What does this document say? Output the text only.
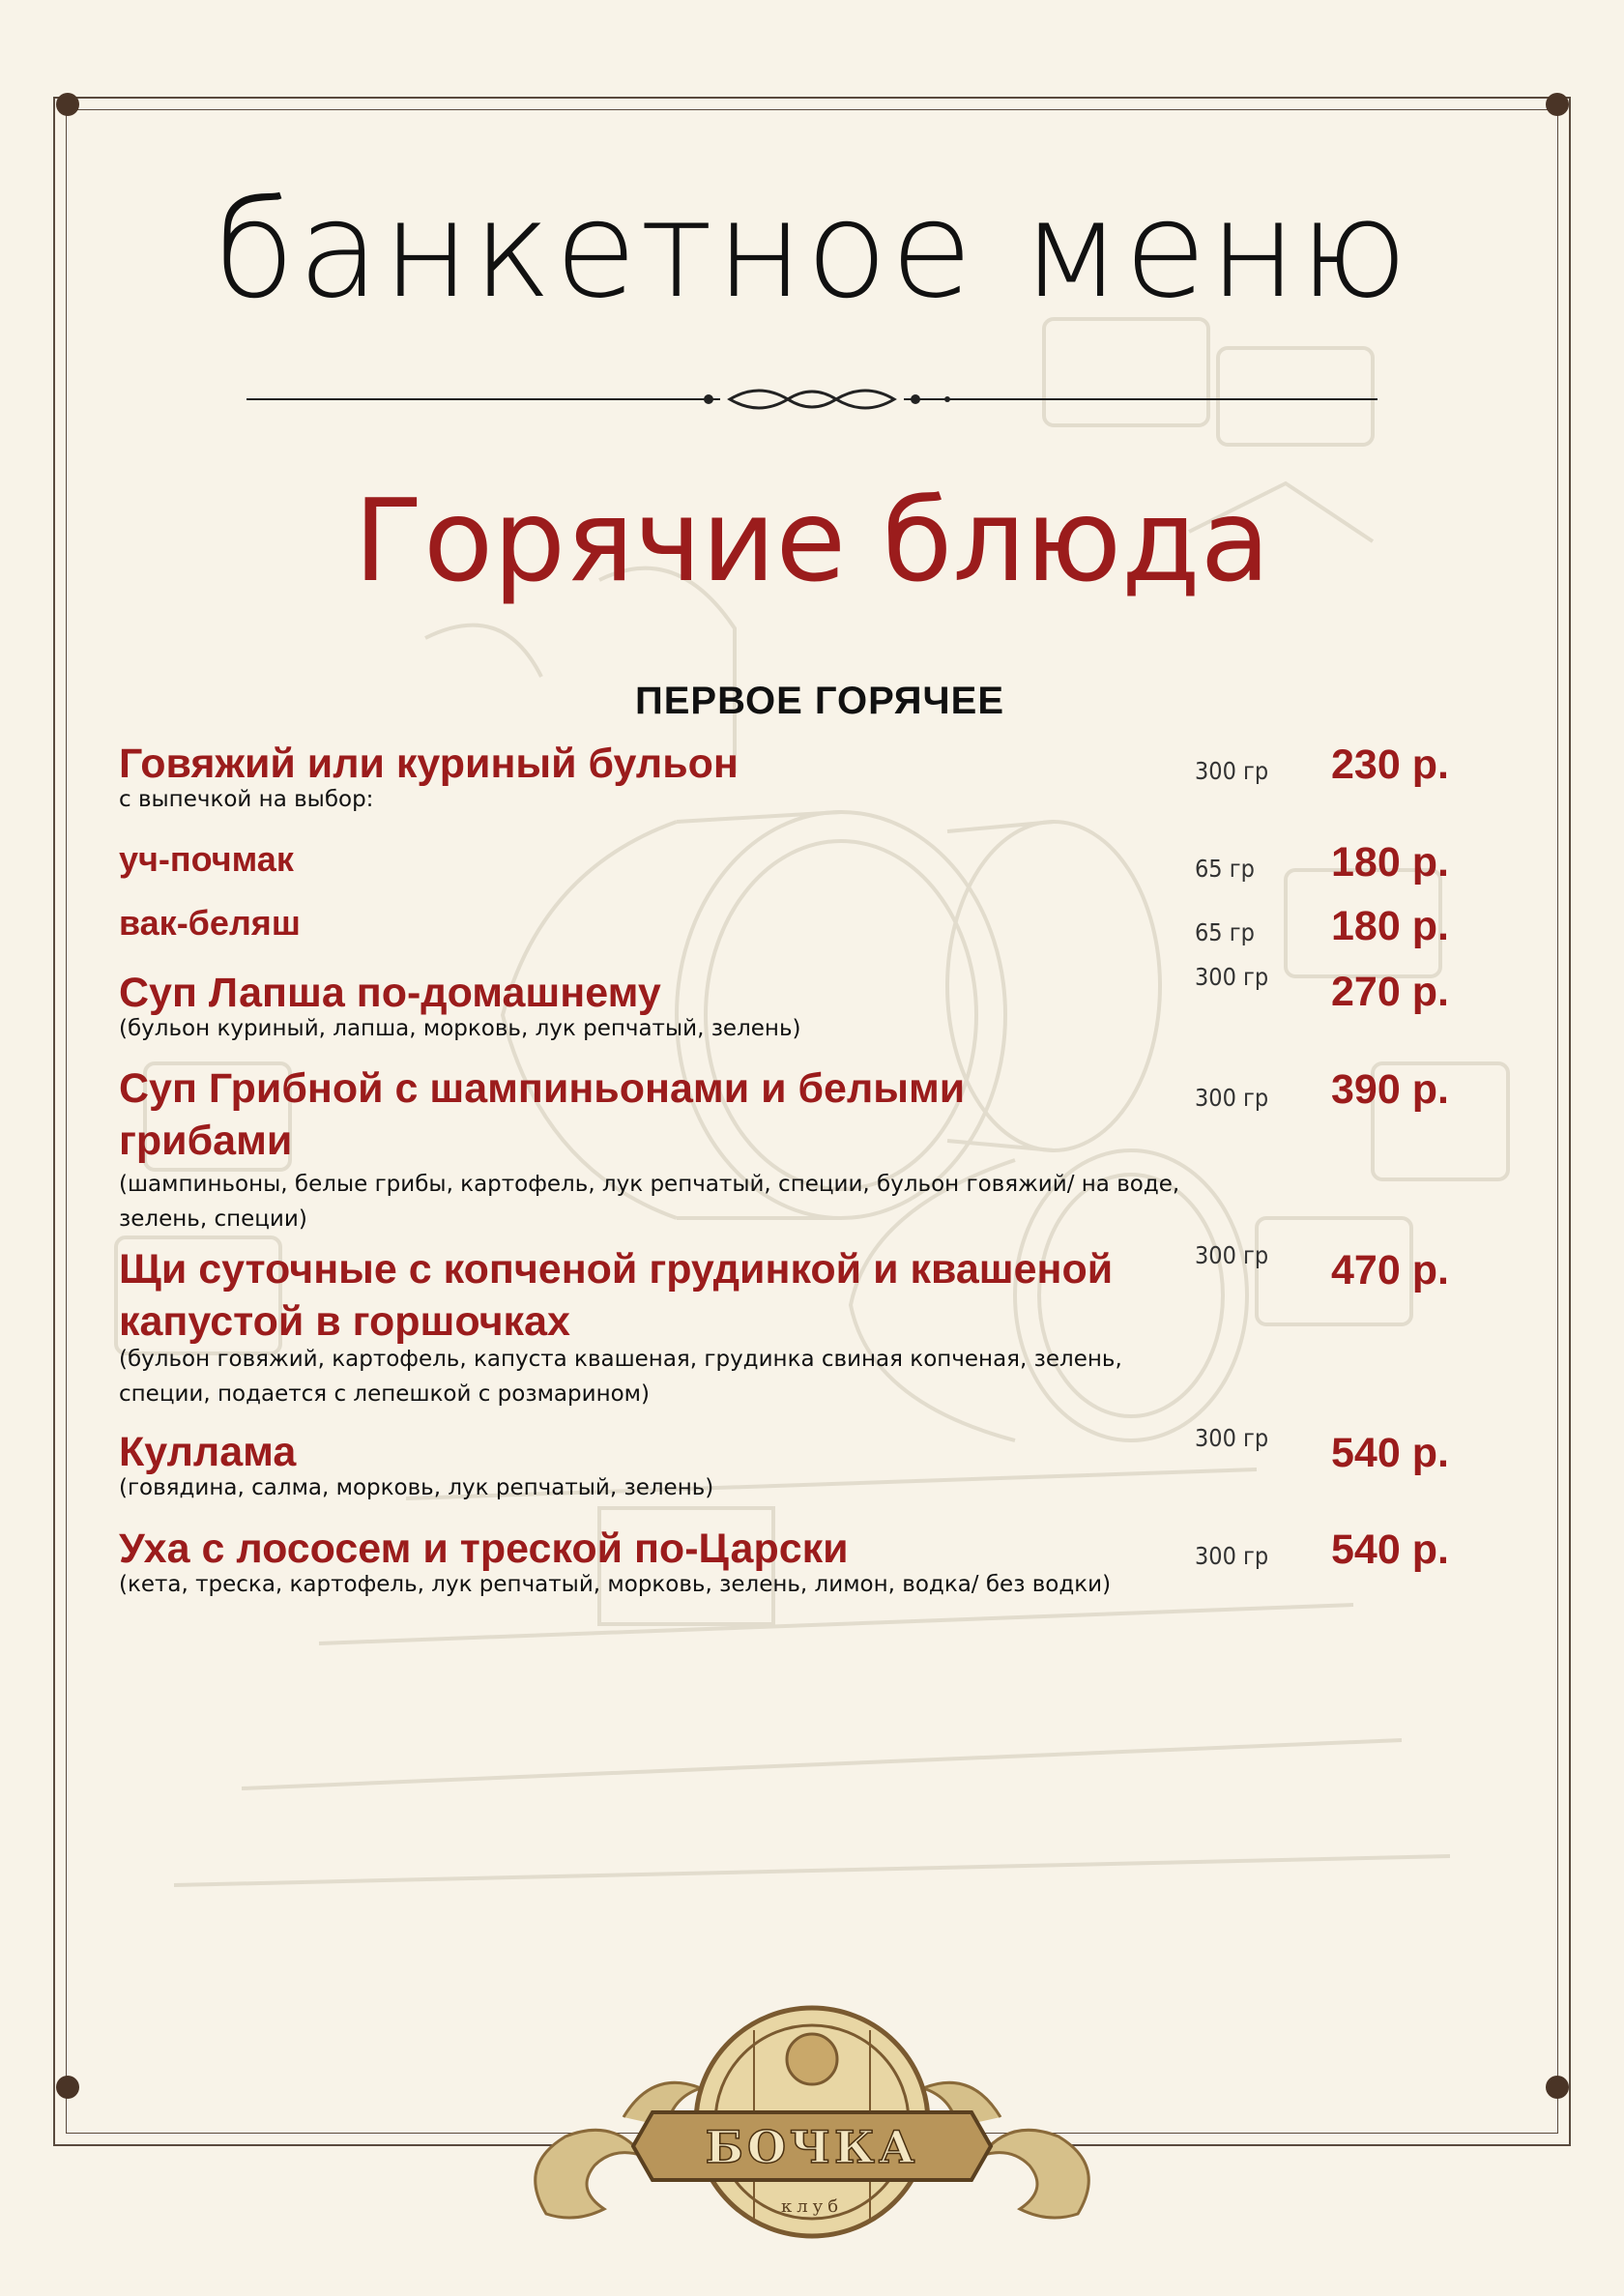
банкетное меню
Горячие блюда
ПЕРВОЕ ГОРЯЧЕЕ
Говяжий или куриный бульон
с выпечкой на выбор:
300 гр 230 р.
уч-почмак	65 гр 180 р.
вак-беляш	65 гр 180 р.
Суп Лапша по-домашнему
(бульон куриный, лапша, морковь, лук репчатый, зелень)
300 гр 270 р.
Суп Грибной с шампиньонами и белыми грибами
(шампиньоны, белые грибы, картофель, лук репчатый, специи, бульон говяжий/ на воде, зелень, специи)
300 гр 390 р.
Щи суточные с копченой грудинкой и квашеной капустой в горшочках
(бульон говяжий, картофель, капуста квашеная, грудинка свиная копченая, зелень, специи, подается с лепешкой с розмарином)
300 гр 470 р.
Куллама
(говядина, салма, морковь, лук репчатый, зелень)
300 гр 540 р.
Уха с лососем и треской по-Царски
(кета, треска, картофель, лук репчатый, морковь, зелень, лимон, водка/ без водки)
300 гр 540 р.
БОЧКА
клуб
